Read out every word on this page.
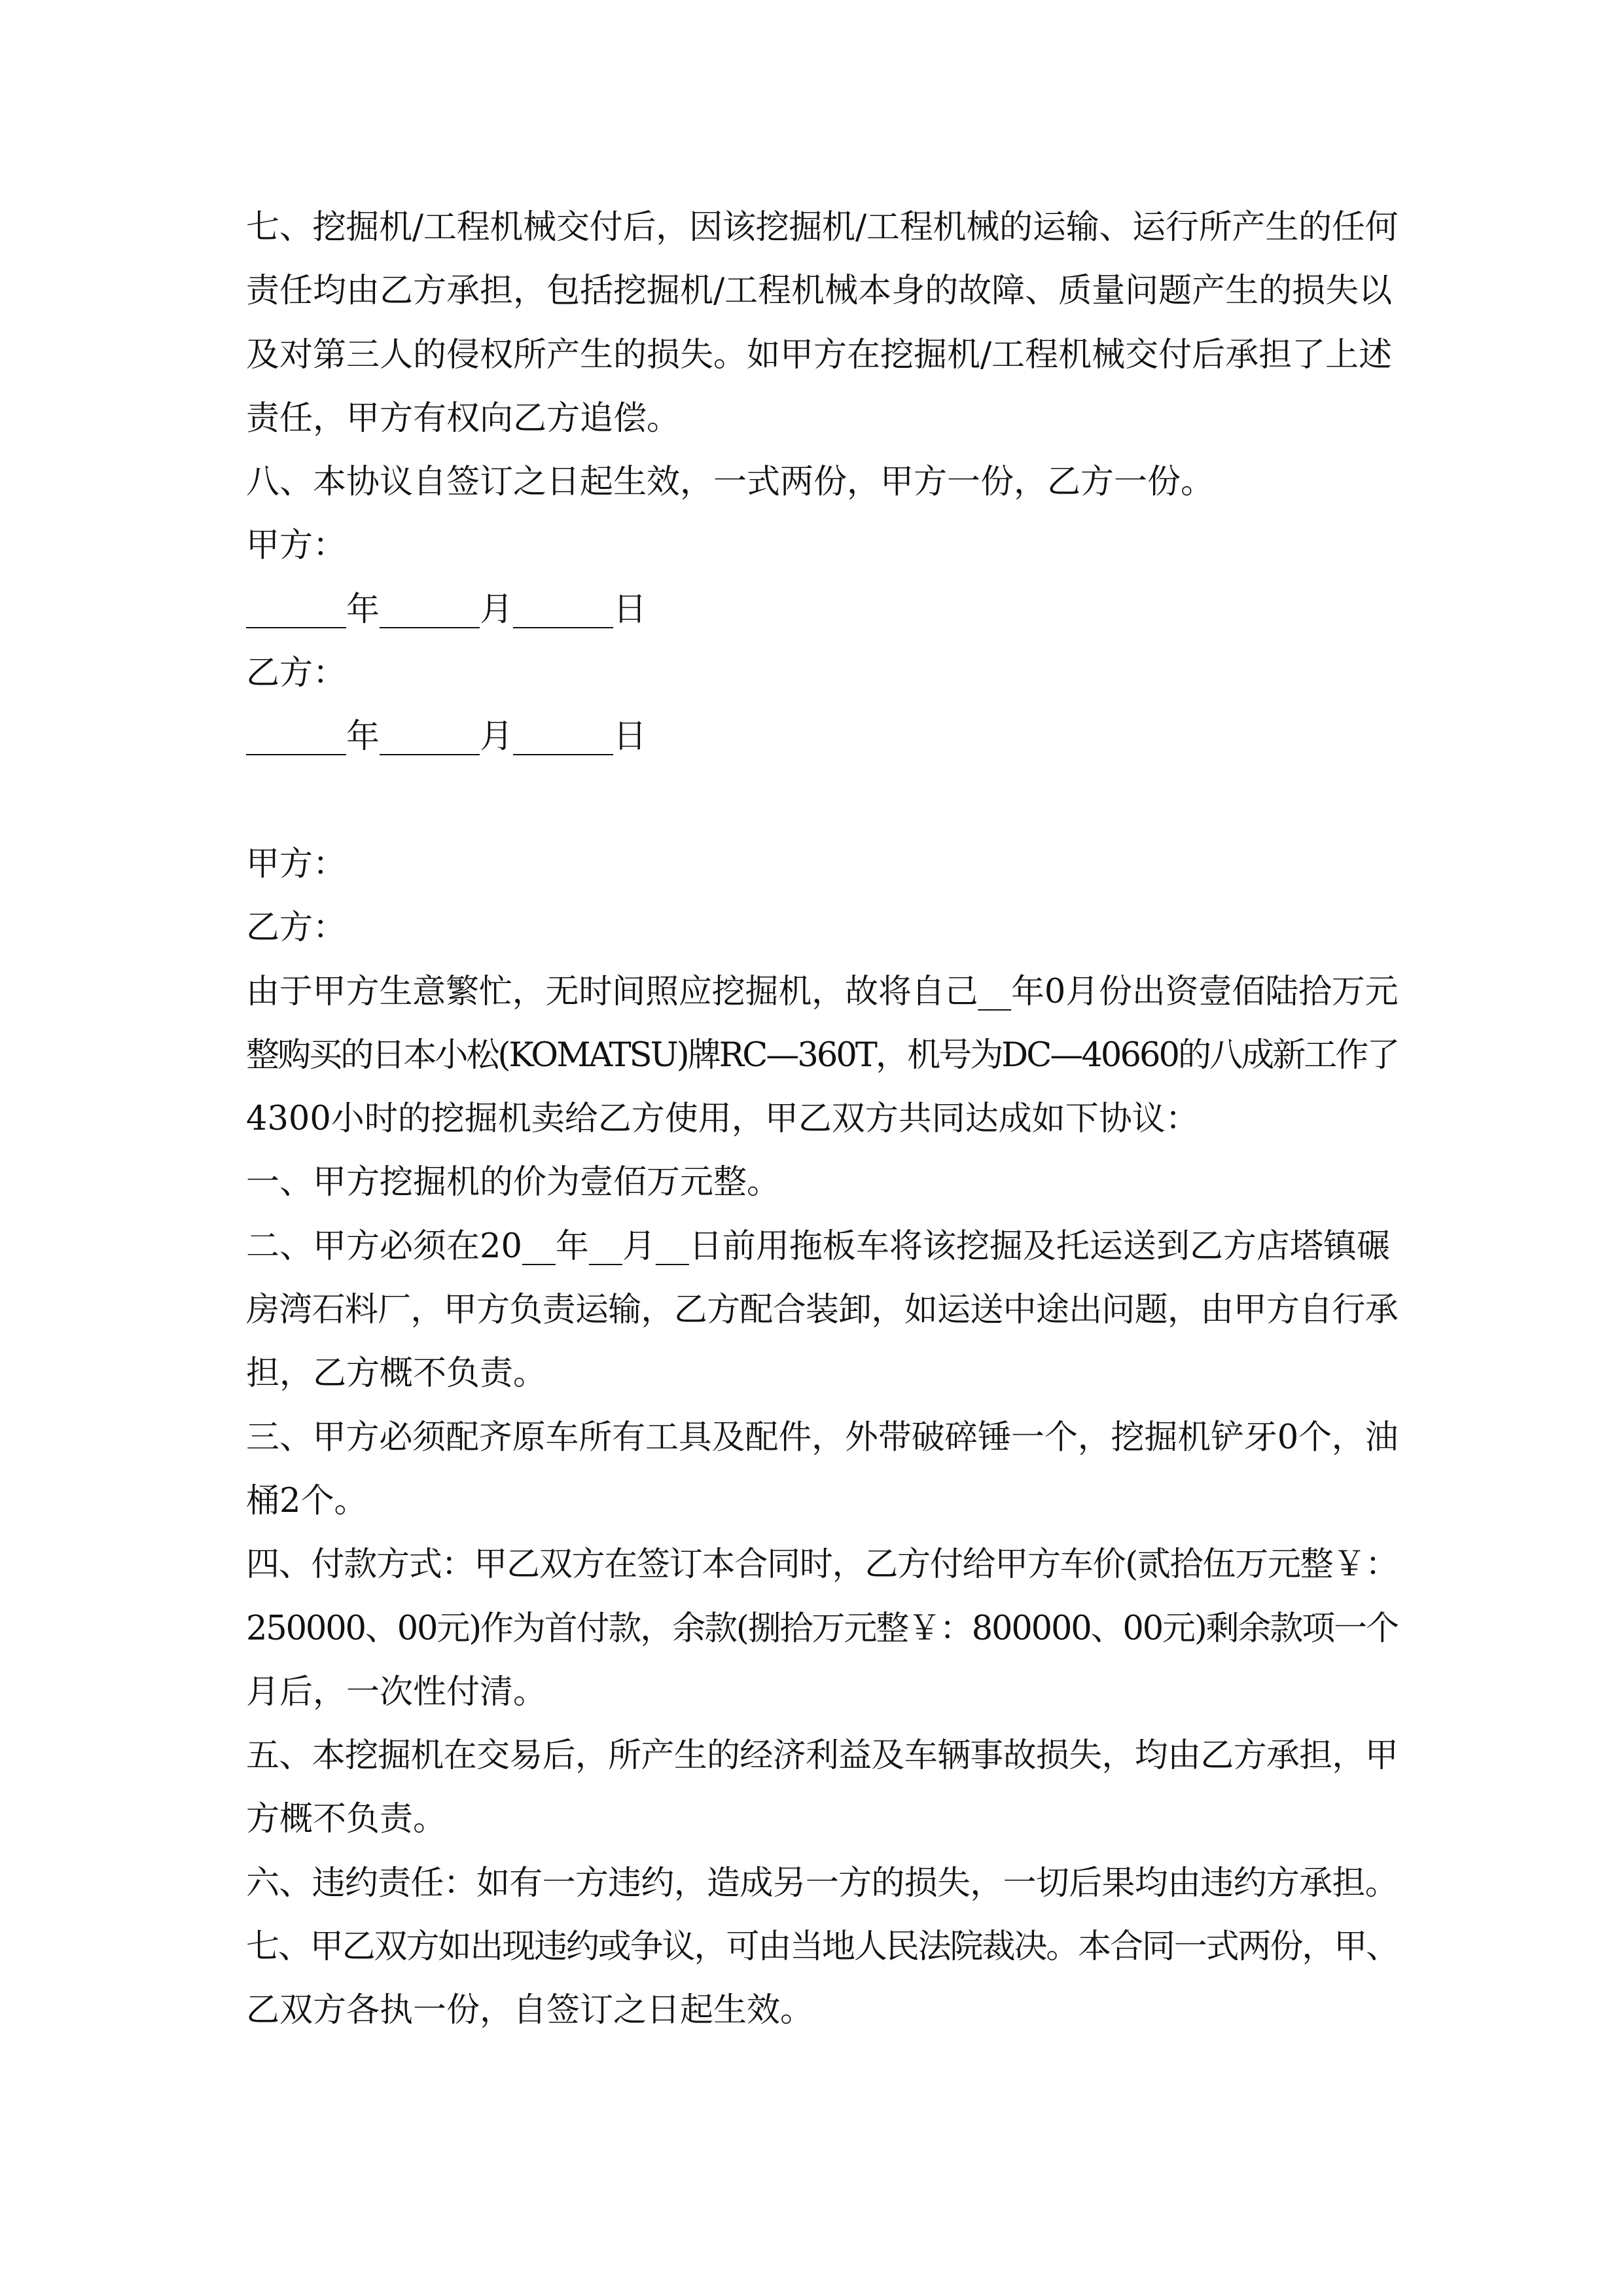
七、挖掘机/工程机械交付后，因该挖掘机/工程机械的运输、运行所产生的任何
责任均由乙方承担，包括挖掘机/工程机械本身的故障、质量问题产生的损失以
及对第三人的侵权所产生的损失。如甲方在挖掘机/工程机械交付后承担了上述
责任，甲方有权向乙方追偿。
八、本协议自签订之日起生效，一式两份，甲方一份，乙方一份。
甲方：
______年______月______日
乙方：
______年______月______日
甲方：
乙方：
由于甲方生意繁忙，无时间照应挖掘机，故将自己__年0月份出资壹佰陆拾万元
整购买的日本小松(KOMATSU)牌RC—360T，机号为DC—40660的八成新工作了
4300小时的挖掘机卖给乙方使用，甲乙双方共同达成如下协议：
一、甲方挖掘机的价为壹佰万元整。
二、甲方必须在20__年__月__日前用拖板车将该挖掘及托运送到乙方店塔镇碾
房湾石料厂，甲方负责运输，乙方配合装卸，如运送中途出问题，由甲方自行承
担，乙方概不负责。
三、甲方必须配齐原车所有工具及配件，外带破碎锤一个，挖掘机铲牙0个，油
桶2个。
四、付款方式：甲乙双方在签订本合同时，乙方付给甲方车价(贰拾伍万元整￥：
250000、00元)作为首付款，余款(捌拾万元整￥：800000、00元)剩余款项一个
月后，一次性付清。
五、本挖掘机在交易后，所产生的经济利益及车辆事故损失，均由乙方承担，甲
方概不负责。
六、违约责任：如有一方违约，造成另一方的损失，一切后果均由违约方承担。
七、甲乙双方如出现违约或争议，可由当地人民法院裁决。本合同一式两份，甲、
乙双方各执一份，自签订之日起生效。
